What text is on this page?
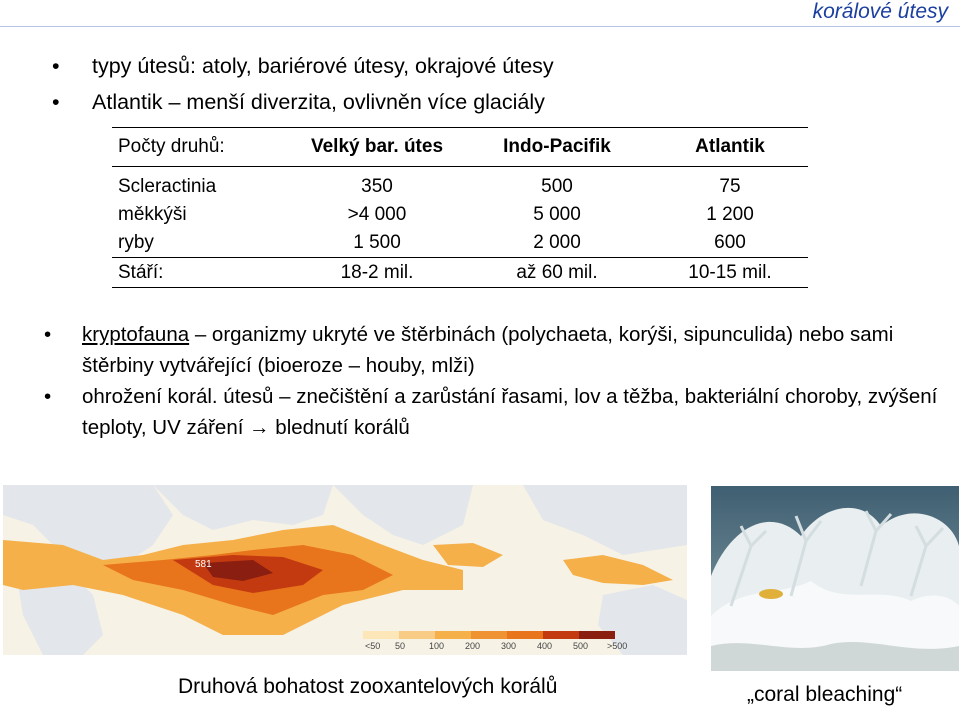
korálové útesy
• typy útesů: atoly, bariérové útesy, okrajové útesy
• Atlantik – menší diverzita, ovlivněn více glaciály
Počty druhů:	Velký bar. útes	Indo-Pacifik	Atlantik
Scleractinia	350	500	75
měkkýši	>4 000	5 000	1 200
ryby	1 500	2 000	600
Stáří:	18-2 mil.	až 60 mil.	10-15 mil.
• kryptofauna – organizmy ukryté ve štěrbinách (polychaeta, korýši, sipunculida) nebo sami štěrbiny vytvářející (bioeroze – houby, mlži)
• ohrožení korál. útesů – znečištění a zarůstání řasami, lov a těžba, bakteriální choroby, zvýšení teploty, UV záření → blednutí korálů
581
<50 50	100 200 300 400 500 >500
Druhová bohatost zooxantelových korálů	„coral bleaching“
